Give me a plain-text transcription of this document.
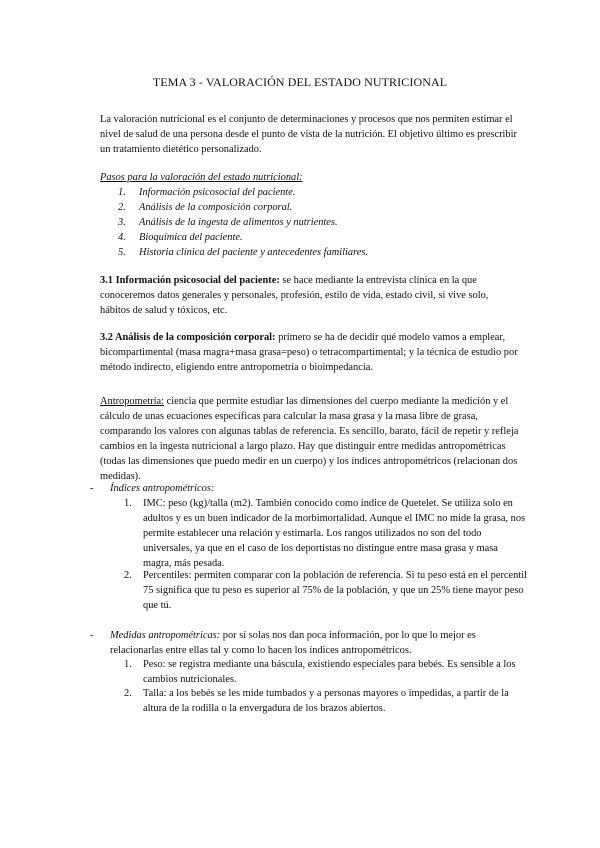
TEMA 3 - VALORACIÓN DEL ESTADO NUTRICIONAL

La valoración nutricional es el conjunto de determinaciones y procesos que nos permiten estimar el nivel de salud de una persona desde el punto de vista de la nutrición. El objetivo último es prescribir un tratamiento dietético personalizado.

Pasos para la valoración del estado nutricional:
1. Información psicosocial del paciente.
2. Análisis de la composición corporal.
3. Análisis de la ingesta de alimentos y nutrientes.
4. Bioquímica del paciente.
5. Historia clínica del paciente y antecedentes familiares.

3.1 Información psicosocial del paciente: se hace mediante la entrevista clínica en la que conoceremos datos generales y personales, profesión, estilo de vida, estado civil, si vive solo, hábitos de salud y tóxicos, etc.

3.2 Análisis de la composición corporal: primero se ha de decidir qué modelo vamos a emplear, bicompartimental (masa magra+masa grasa=peso) o tetracompartimental; y la técnica de estudio por método indirecto, eligiendo entre antropometría o bioimpedancia.

Antropometría: ciencia que permite estudiar las dimensiones del cuerpo mediante la medición y el cálculo de unas ecuaciones específicas para calcular la masa grasa y la masa libre de grasa, comparando los valores con algunas tablas de referencia. Es sencillo, barato, fácil de repetir y refleja cambios en la ingesta nutricional a largo plazo. Hay que distinguir entre medidas antropométricas (todas las dimensiones que puedo medir en un cuerpo) y los índices antropométricos (relacionan dos medidas).

- Índices antropométricos:
1. IMC: peso (kg)/talla (m2). También conocido como índice de Quetelet. Se utiliza solo en adultos y es un buen indicador de la morbimortalidad. Aunque el IMC no mide la grasa, nos permite establecer una relación y estimarla. Los rangos utilizados no son del todo universales, ya que en el caso de los deportistas no distingue entre masa grasa y masa magra, más pesada.
2. Percentiles: permiten comparar con la población de referencia. Si tu peso está en el percentil 75 significa que tu peso es superior al 75% de la población, y que un 25% tiene mayor peso que tú.
-	Medidas antropométricas: por sí solas nos dan poca información, por lo que lo mejor es relacionarlas entre ellas tal y como lo hacen los índices antropométricos.
1. Peso: se registra mediante una báscula, existiendo especiales para bebés. Es sensible a los cambios nutricionales.
2. Talla: a los bebés se les mide tumbados y a personas mayores o impedidas, a partir de la altura de la rodilla o la envergadura de los brazos abiertos.
